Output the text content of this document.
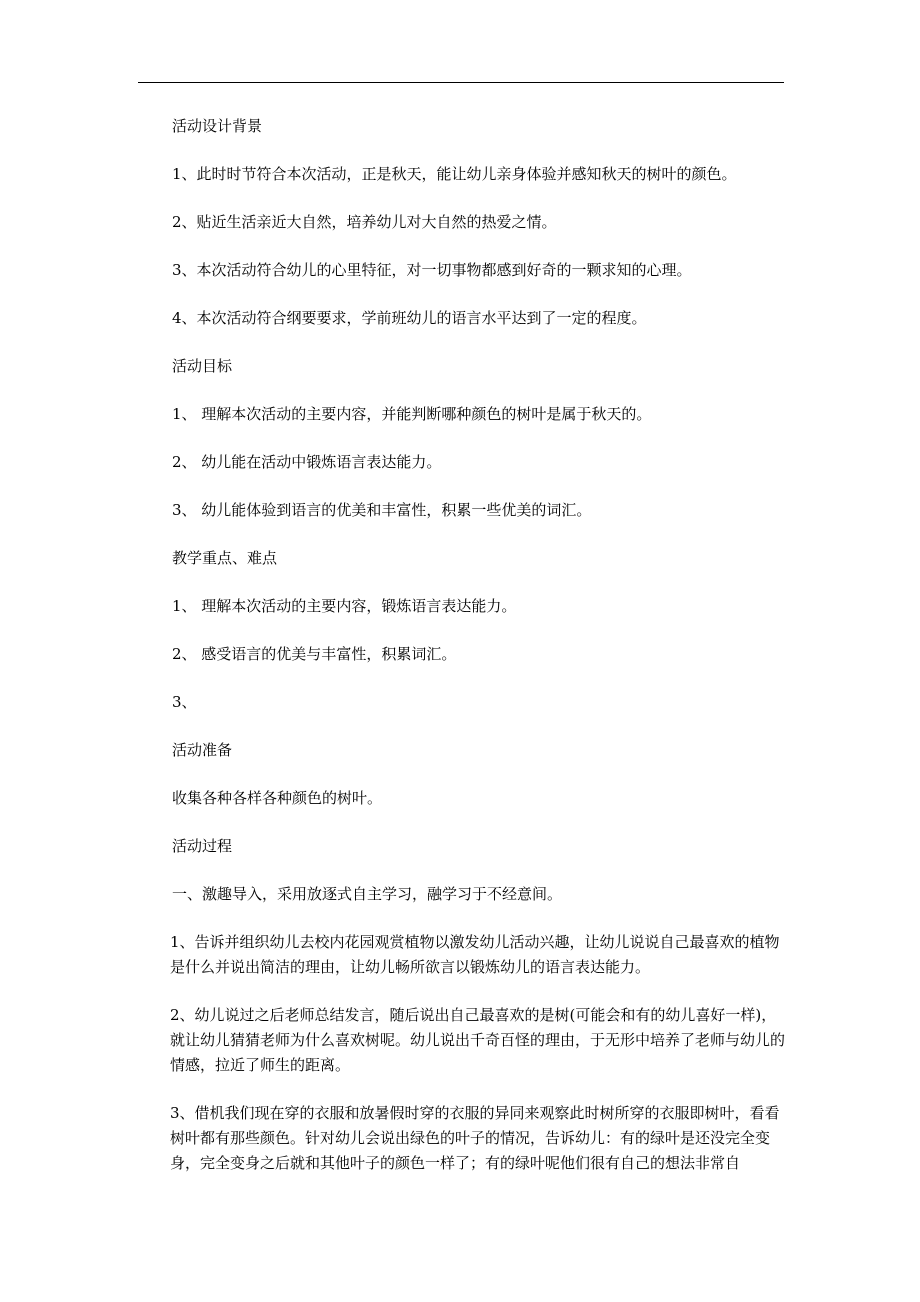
活动设计背景

1、此时时节符合本次活动，正是秋天，能让幼儿亲身体验并感知秋天的树叶的颜色。

2、贴近生活亲近大自然，培养幼儿对大自然的热爱之情。

3、本次活动符合幼儿的心里特征，对一切事物都感到好奇的一颗求知的心理。

4、本次活动符合纲要要求，学前班幼儿的语言水平达到了一定的程度。

活动目标

1、 理解本次活动的主要内容，并能判断哪种颜色的树叶是属于秋天的。

2、 幼儿能在活动中锻炼语言表达能力。

3、 幼儿能体验到语言的优美和丰富性，积累一些优美的词汇。

教学重点、难点

1、 理解本次活动的主要内容，锻炼语言表达能力。

2、 感受语言的优美与丰富性，积累词汇。

3、

活动准备

收集各种各样各种颜色的树叶。

活动过程

一、激趣导入，采用放逐式自主学习，融学习于不经意间。

1、告诉并组织幼儿去校内花园观赏植物以激发幼儿活动兴趣，让幼儿说说自己最喜欢的植物是什么并说出简洁的理由，让幼儿畅所欲言以锻炼幼儿的语言表达能力。

2、幼儿说过之后老师总结发言，随后说出自己最喜欢的是树(可能会和有的幼儿喜好一样)，就让幼儿猜猜老师为什么喜欢树呢。幼儿说出千奇百怪的理由，于无形中培养了老师与幼儿的情感，拉近了师生的距离。

3、借机我们现在穿的衣服和放暑假时穿的衣服的异同来观察此时树所穿的衣服即树叶，看看树叶都有那些颜色。针对幼儿会说出绿色的叶子的情况，告诉幼儿：有的绿叶是还没完全变身，完全变身之后就和其他叶子的颜色一样了；有的绿叶呢他们很有自己的想法非常自
